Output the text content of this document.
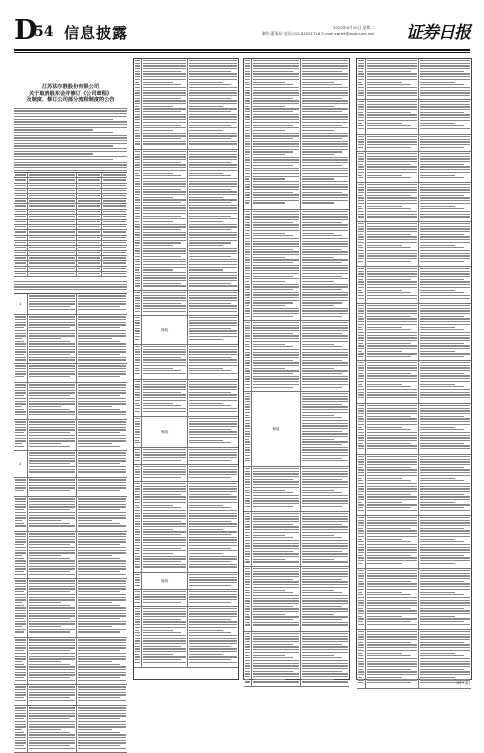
D
54 信息披露	2020年6月30日 星期二
制作:董事局 电话:010-83251716 E-mail:zqrb9@zqrb.sina.net 证券日报
江苏法尔胜股份有限公司
关于取消股东会并修订《公司章程》
及制度、修订公司部分流程制度的公告
1
2
修改
修改
修改
修改
(转下版)
